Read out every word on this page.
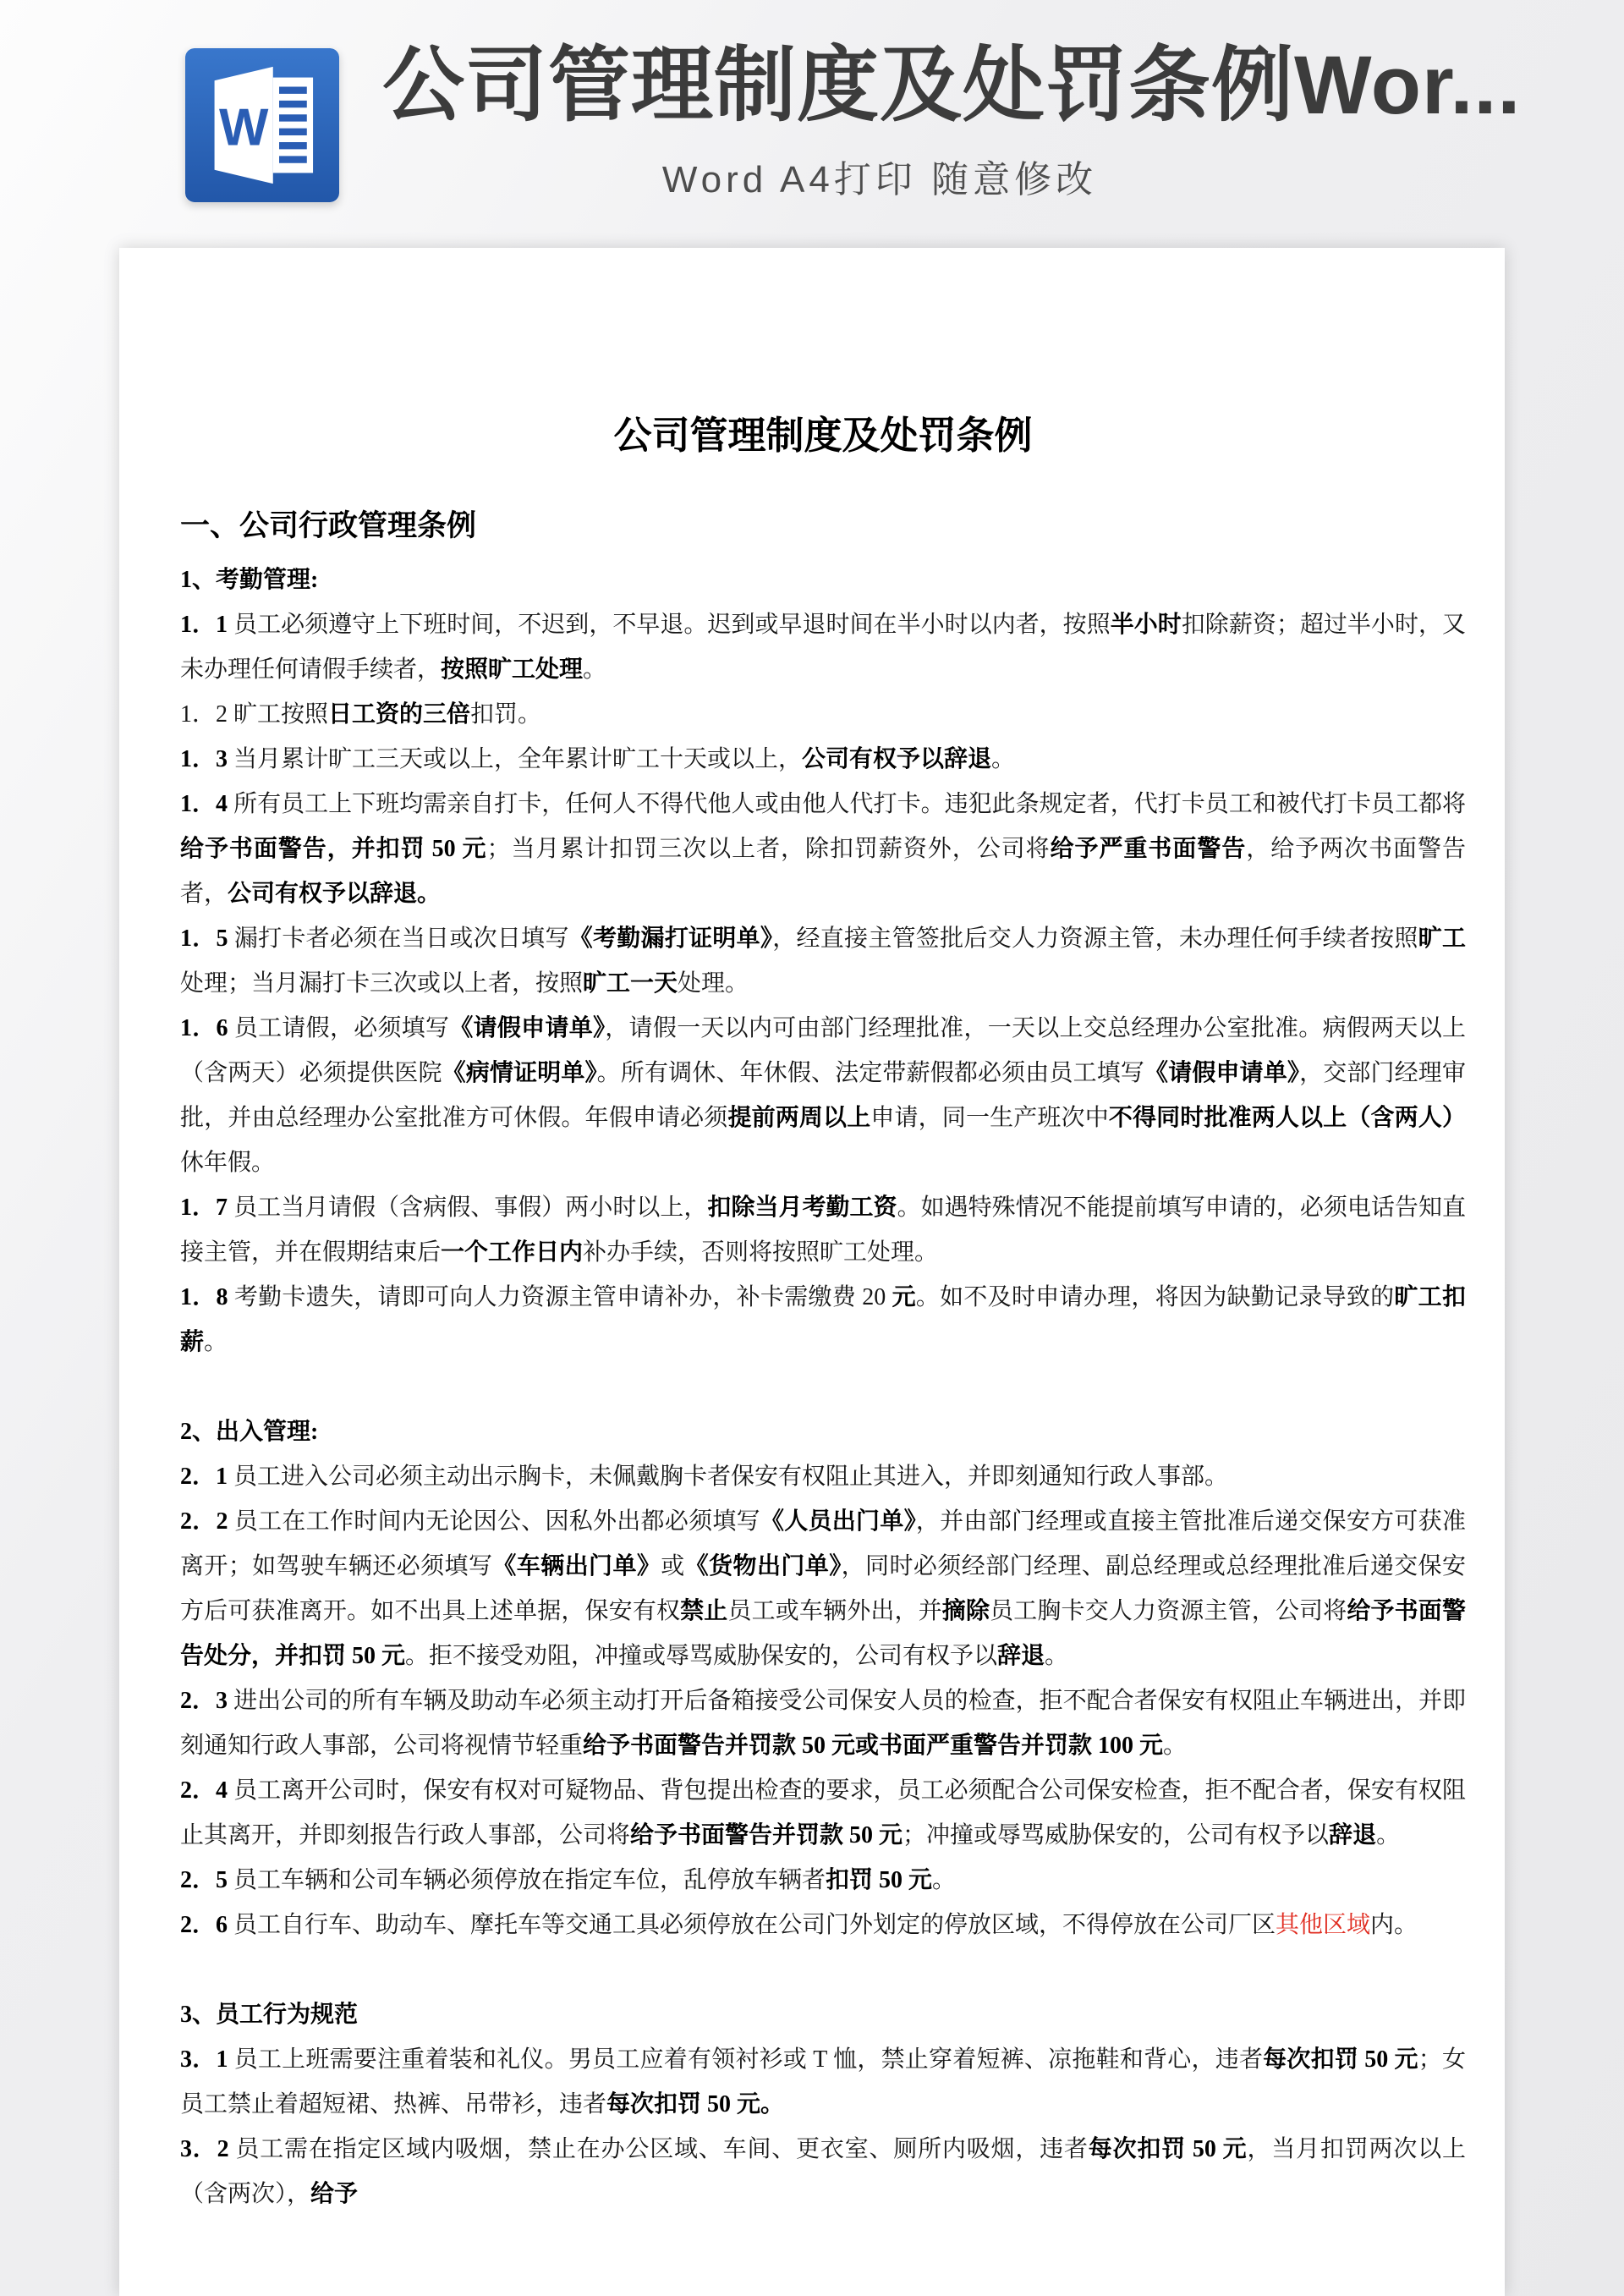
W 公司管理制度及处罚条例Wor...
Word A4打印 随意修改
公司管理制度及处罚条例
一、公司行政管理条例
1、考勤管理:

1．1 员工必须遵守上下班时间，不迟到，不早退。迟到或早退时间在半小时以内者，按照半小时扣除薪资；超过半小时，又未办理任何请假手续者，按照旷工处理。

1．2 旷工按照日工资的三倍扣罚。

1．3 当月累计旷工三天或以上，全年累计旷工十天或以上，公司有权予以辞退。

1．4 所有员工上下班均需亲自打卡，任何人不得代他人或由他人代打卡。违犯此条规定者，代打卡员工和被代打卡员工都将给予书面警告，并扣罚 50 元；当月累计扣罚三次以上者，除扣罚薪资外，公司将给予严重书面警告，给予两次书面警告者，公司有权予以辞退。

1．5 漏打卡者必须在当日或次日填写《考勤漏打证明单》，经直接主管签批后交人力资源主管，未办理任何手续者按照旷工处理；当月漏打卡三次或以上者，按照旷工一天处理。

1．6 员工请假，必须填写《请假申请单》，请假一天以内可由部门经理批准，一天以上交总经理办公室批准。病假两天以上（含两天）必须提供医院《病情证明单》。所有调休、年休假、法定带薪假都必须由员工填写《请假申请单》，交部门经理审批，并由总经理办公室批准方可休假。年假申请必须提前两周以上申请，同一生产班次中不得同时批准两人以上（含两人）休年假。

1．7 员工当月请假（含病假、事假）两小时以上，扣除当月考勤工资。如遇特殊情况不能提前填写申请的，必须电话告知直接主管，并在假期结束后一个工作日内补办手续，否则将按照旷工处理。

1．8 考勤卡遗失，请即可向人力资源主管申请补办，补卡需缴费 20 元。如不及时申请办理，将因为缺勤记录导致的旷工扣薪。

2、出入管理:

2．1 员工进入公司必须主动出示胸卡，未佩戴胸卡者保安有权阻止其进入，并即刻通知行政人事部。

2．2 员工在工作时间内无论因公、因私外出都必须填写《人员出门单》，并由部门经理或直接主管批准后递交保安方可获准离开；如驾驶车辆还必须填写《车辆出门单》或《货物出门单》，同时必须经部门经理、副总经理或总经理批准后递交保安方后可获准离开。如不出具上述单据，保安有权禁止员工或车辆外出，并摘除员工胸卡交人力资源主管，公司将给予书面警告处分，并扣罚 50 元。拒不接受劝阻，冲撞或辱骂威胁保安的，公司有权予以辞退。

2．3 进出公司的所有车辆及助动车必须主动打开后备箱接受公司保安人员的检查，拒不配合者保安有权阻止车辆进出，并即刻通知行政人事部，公司将视情节轻重给予书面警告并罚款 50 元或书面严重警告并罚款 100 元。

2．4 员工离开公司时，保安有权对可疑物品、背包提出检查的要求，员工必须配合公司保安检查，拒不配合者，保安有权阻止其离开，并即刻报告行政人事部，公司将给予书面警告并罚款 50 元；冲撞或辱骂威胁保安的，公司有权予以辞退。

2．5 员工车辆和公司车辆必须停放在指定车位，乱停放车辆者扣罚 50 元。

2．6 员工自行车、助动车、摩托车等交通工具必须停放在公司门外划定的停放区域，不得停放在公司厂区其他区域内。

3、员工行为规范

3．1 员工上班需要注重着装和礼仪。男员工应着有领衬衫或 T 恤，禁止穿着短裤、凉拖鞋和背心，违者每次扣罚 50 元；女员工禁止着超短裙、热裤、吊带衫，违者每次扣罚 50 元。

3．2 员工需在指定区域内吸烟，禁止在办公区域、车间、更衣室、厕所内吸烟，违者每次扣罚 50 元，当月扣罚两次以上（含两次），给予
